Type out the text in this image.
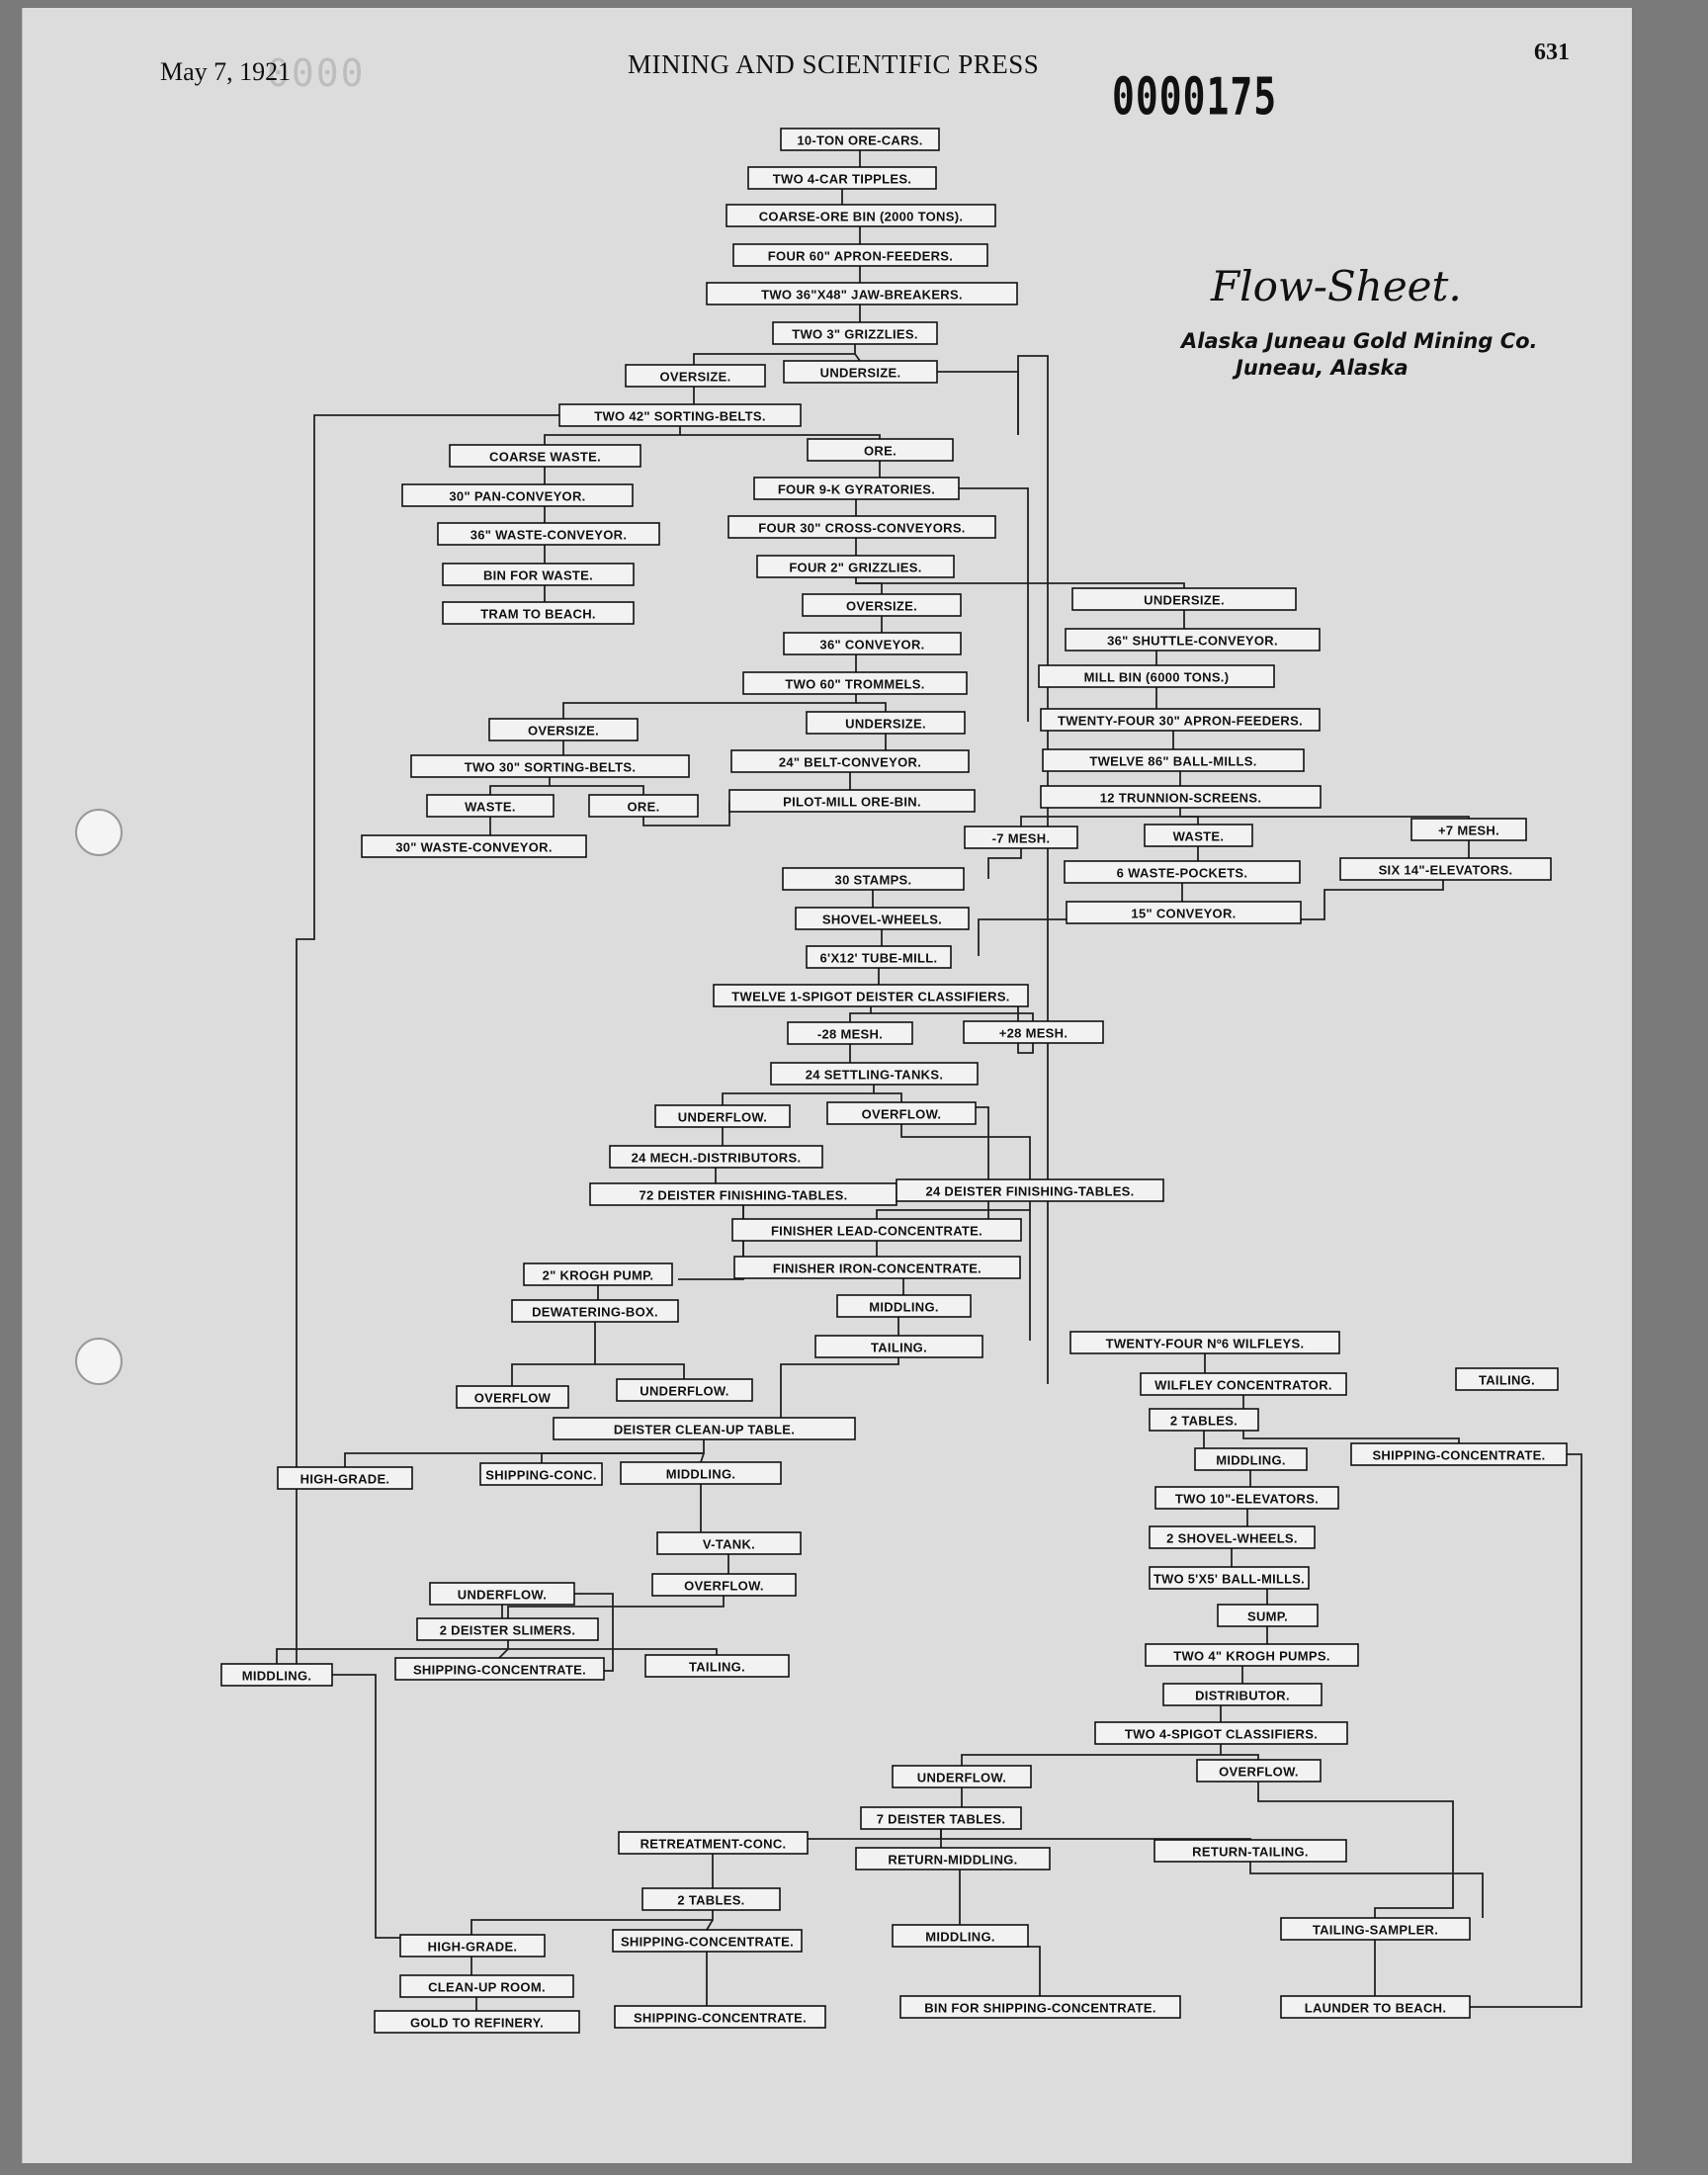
0000
May 7, 1921	MINING AND SCIENTIFIC PRESS	631
0000175
Flow-Sheet.
Alaska Juneau Gold Mining Co.
Juneau, Alaska
10-TON ORE-CARS.
TWO 4-CAR TIPPLES.
COARSE-ORE BIN (2000 TONS).
FOUR 60" APRON-FEEDERS.
TWO 36"X48" JAW-BREAKERS.
TWO 3" GRIZZLIES.
OVERSIZE.	UNDERSIZE.
TWO 42" SORTING-BELTS.
COARSE WASTE.	ORE.
30" PAN-CONVEYOR.	FOUR 9-K GYRATORIES.
36" WASTE-CONVEYOR.	FOUR 30" CROSS-CONVEYORS.
BIN FOR WASTE.
FOUR 2" GRIZZLIES.
TRAM TO BEACH.
OVERSIZE.	UNDERSIZE.
36" CONVEYOR.	36" SHUTTLE-CONVEYOR.
TWO 60" TROMMELS.	MILL BIN (6000 TONS.)
TWENTY-FOUR 30" APRON-FEEDERS.
OVERSIZE.	UNDERSIZE.
TWO 30" SORTING-BELTS.	TWELVE 86" BALL-MILLS.
24" BELT-CONVEYOR.
12 TRUNNION-SCREENS.
WASTE.
ORE.	PILOT-MILL ORE-BIN.
-7 MESH.
WASTE.
+7 MESH.
30" WASTE-CONVEYOR.
30 STAMPS.	6 WASTE-POCKETS.	SIX 14"-ELEVATORS.
SHOVEL-WHEELS.	15" CONVEYOR.
6'X12' TUBE-MILL.
TWELVE 1-SPIGOT DEISTER CLASSIFIERS.
-28 MESH.	+28 MESH.
24 SETTLING-TANKS.
UNDERFLOW.	OVERFLOW.
24 MECH.-DISTRIBUTORS.
72 DEISTER FINISHING-TABLES.	24 DEISTER FINISHING-TABLES.
FINISHER LEAD-CONCENTRATE.
2" KROGH PUMP.	FINISHER IRON-CONCENTRATE.
DEWATERING-BOX.	MIDDLING.
TAILING.	TWENTY-FOUR Nº6 WILFLEYS.
TAILING.
OVERFLOW	UNDERFLOW.	WILFLEY CONCENTRATOR.
DEISTER CLEAN-UP TABLE.
2 TABLES.
HIGH-GRADE.	SHIPPING-CONC.	MIDDLING.
MIDDLING.	SHIPPING-CONCENTRATE.
TWO 10"-ELEVATORS.
V-TANK.	2 SHOVEL-WHEELS.
UNDERFLOW.
OVERFLOW.	TWO 5'X5' BALL-MILLS.
2 DEISTER SLIMERS.
SUMP.
MIDDLING.	SHIPPING-CONCENTRATE.	TAILING.
TWO 4" KROGH PUMPS.
DISTRIBUTOR.
TWO 4-SPIGOT CLASSIFIERS.
UNDERFLOW.	OVERFLOW.
7 DEISTER TABLES.
RETREATMENT-CONC.
RETURN-MIDDLING.
RETURN-TAILING.
2 TABLES.
HIGH-GRADE.	SHIPPING-CONCENTRATE.	MIDDLING.	TAILING-SAMPLER.
CLEAN-UP ROOM.
GOLD TO REFINERY.	SHIPPING-CONCENTRATE.
BIN FOR SHIPPING-CONCENTRATE.	LAUNDER TO BEACH.
